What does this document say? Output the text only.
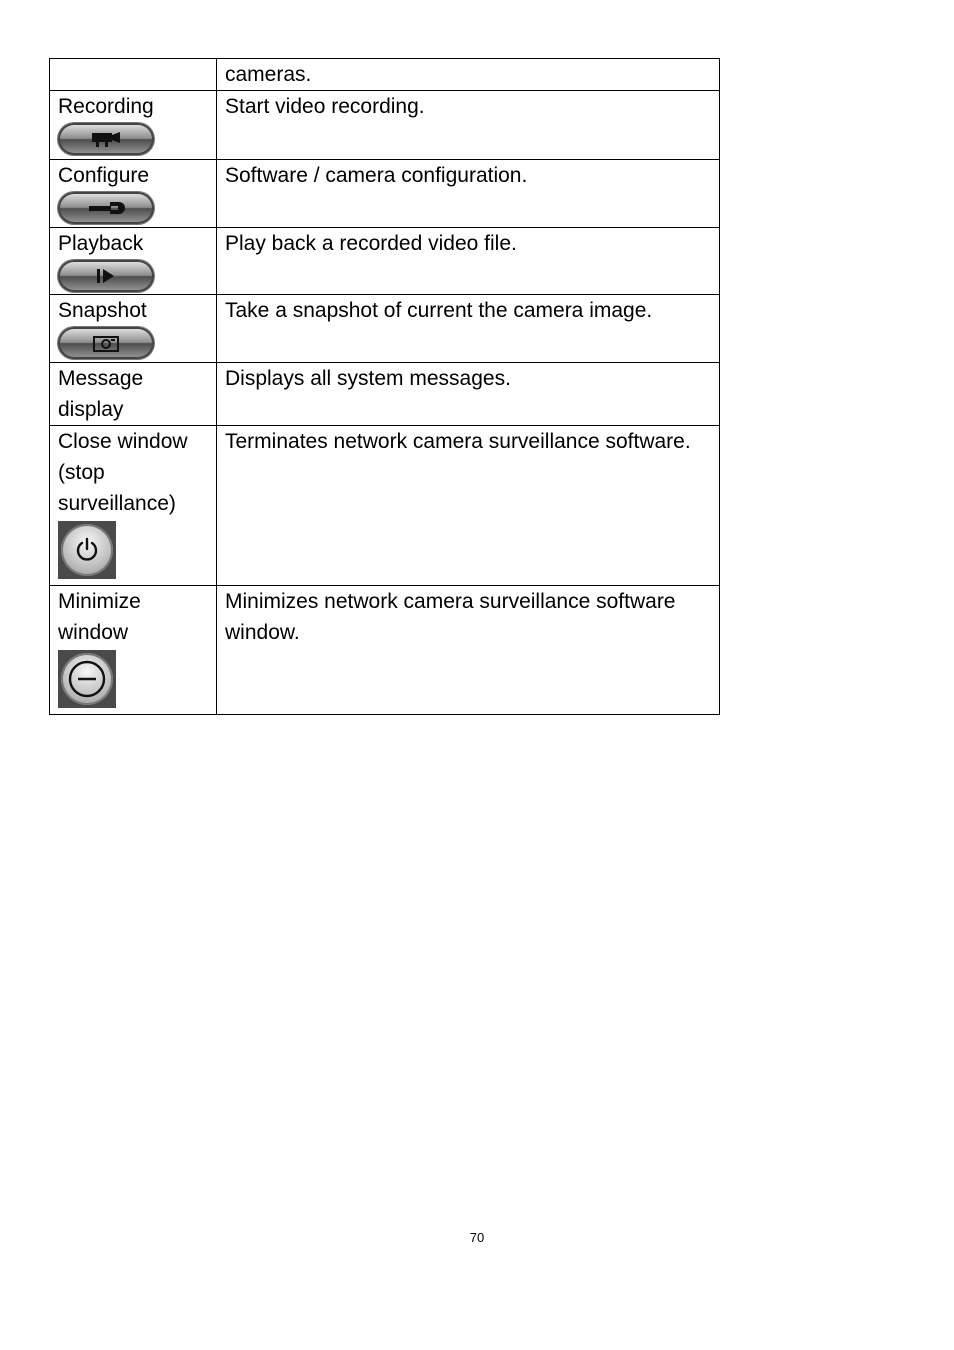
	cameras.
Recording	Start video recording.
Configure	Software / camera configuration.
Playback	Play back a recorded video file.
Snapshot	Take a snapshot of current the camera image.
Message display	Displays all system messages.
Close window (stop surveillance)	Terminates network camera surveillance software.
Minimize window	Minimizes network camera surveillance software window.
70
